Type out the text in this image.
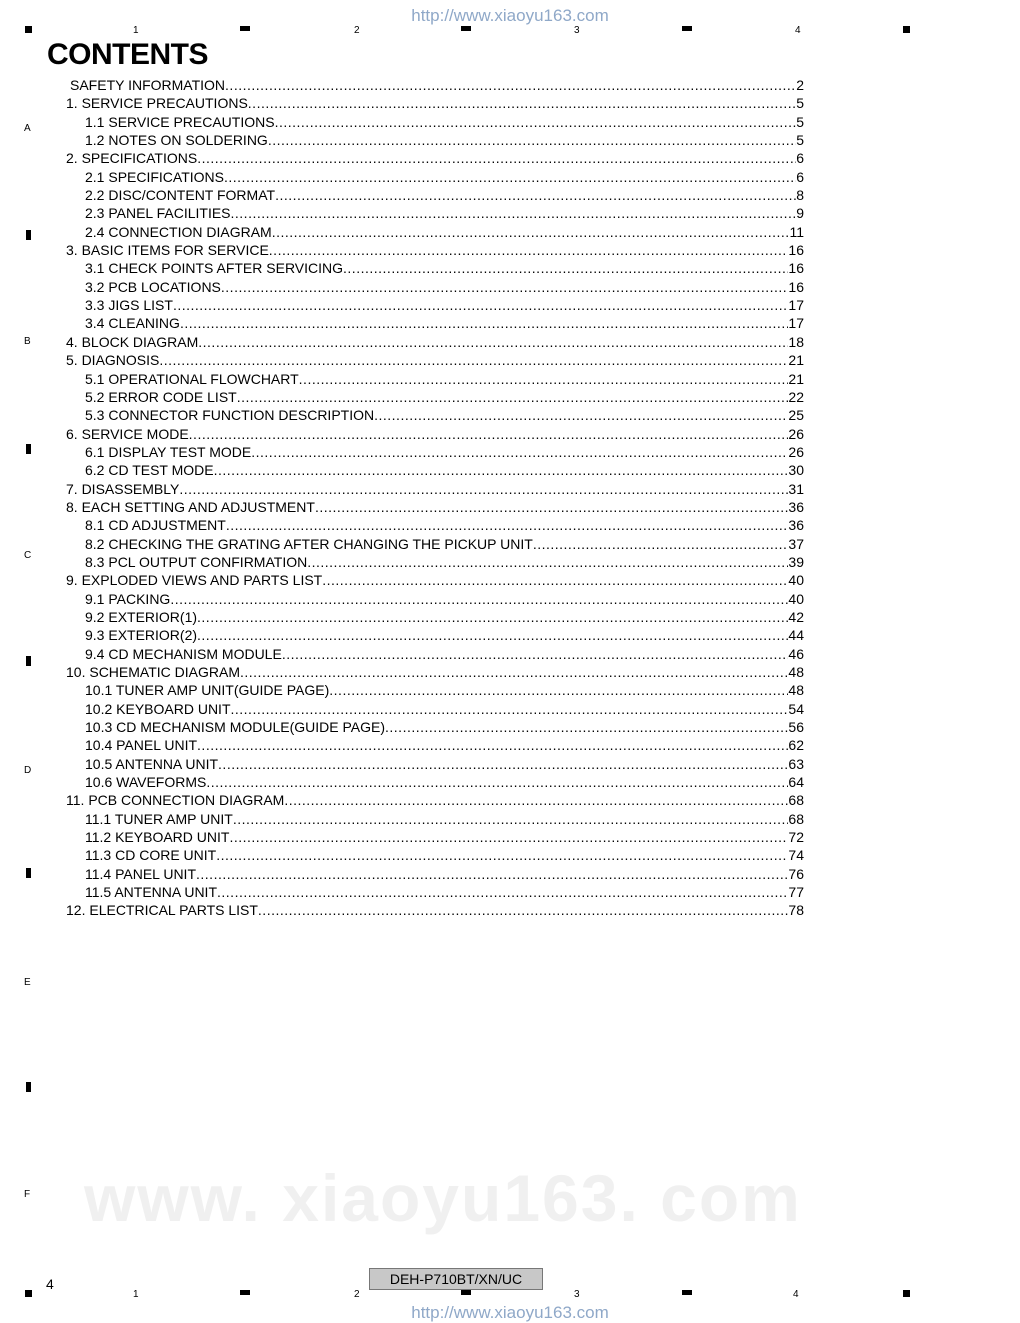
http://www.xiaoyu163.com
1	2	3	4
A
B
C
D
E
F www. xiaoyu163. com
CONTENTS
SAFETY INFORMATION .....	2
1. SERVICE PRECAUTIONS .....	5
1.1 SERVICE PRECAUTIONS .....	5
1.2 NOTES ON SOLDERING .....	5
2. SPECIFICATIONS .....	6
2.1 SPECIFICATIONS .....	6
2.2 DISC/CONTENT FORMAT .....	8
2.3 PANEL FACILITIES .....	9
2.4 CONNECTION DIAGRAM .....	11
3. BASIC ITEMS FOR SERVICE .....	16
3.1 CHECK POINTS AFTER SERVICING .....	16
3.2 PCB LOCATIONS .....	16
3.3 JIGS LIST .....	17
3.4 CLEANING .....	17
4. BLOCK DIAGRAM .....	18
5. DIAGNOSIS .....	21
5.1 OPERATIONAL FLOWCHART .....	21
5.2 ERROR CODE LIST .....	22
5.3 CONNECTOR FUNCTION DESCRIPTION .....	25
6. SERVICE MODE .....	26
6.1 DISPLAY TEST MODE .....	26
6.2 CD TEST MODE .....	30
7. DISASSEMBLY .....	31
8. EACH SETTING AND ADJUSTMENT .....	36
8.1 CD ADJUSTMENT .....	36
8.2 CHECKING THE GRATING AFTER CHANGING THE PICKUP UNIT .....	37
8.3 PCL OUTPUT CONFIRMATION .....	39
9. EXPLODED VIEWS AND PARTS LIST .....	40
9.1 PACKING .....	40
9.2 EXTERIOR(1) .....	42
9.3 EXTERIOR(2) .....	44
9.4 CD MECHANISM MODULE .....	46
10. SCHEMATIC DIAGRAM .....	48
10.1 TUNER AMP UNIT(GUIDE PAGE) .....	48
10.2 KEYBOARD UNIT .....	54
10.3 CD MECHANISM MODULE(GUIDE PAGE) .....	56
10.4 PANEL UNIT .....	62
10.5 ANTENNA UNIT .....	63
10.6 WAVEFORMS .....	64
11. PCB CONNECTION DIAGRAM .....	68
11.1 TUNER AMP UNIT .....	68
11.2 KEYBOARD UNIT .....	72
11.3 CD CORE UNIT .....	74
11.4 PANEL UNIT .....	76
11.5 ANTENNA UNIT .....	77
12. ELECTRICAL PARTS LIST .....	78
4	DEH-P710BT/XN/UC
1	2	3	4
http://www.xiaoyu163.com
